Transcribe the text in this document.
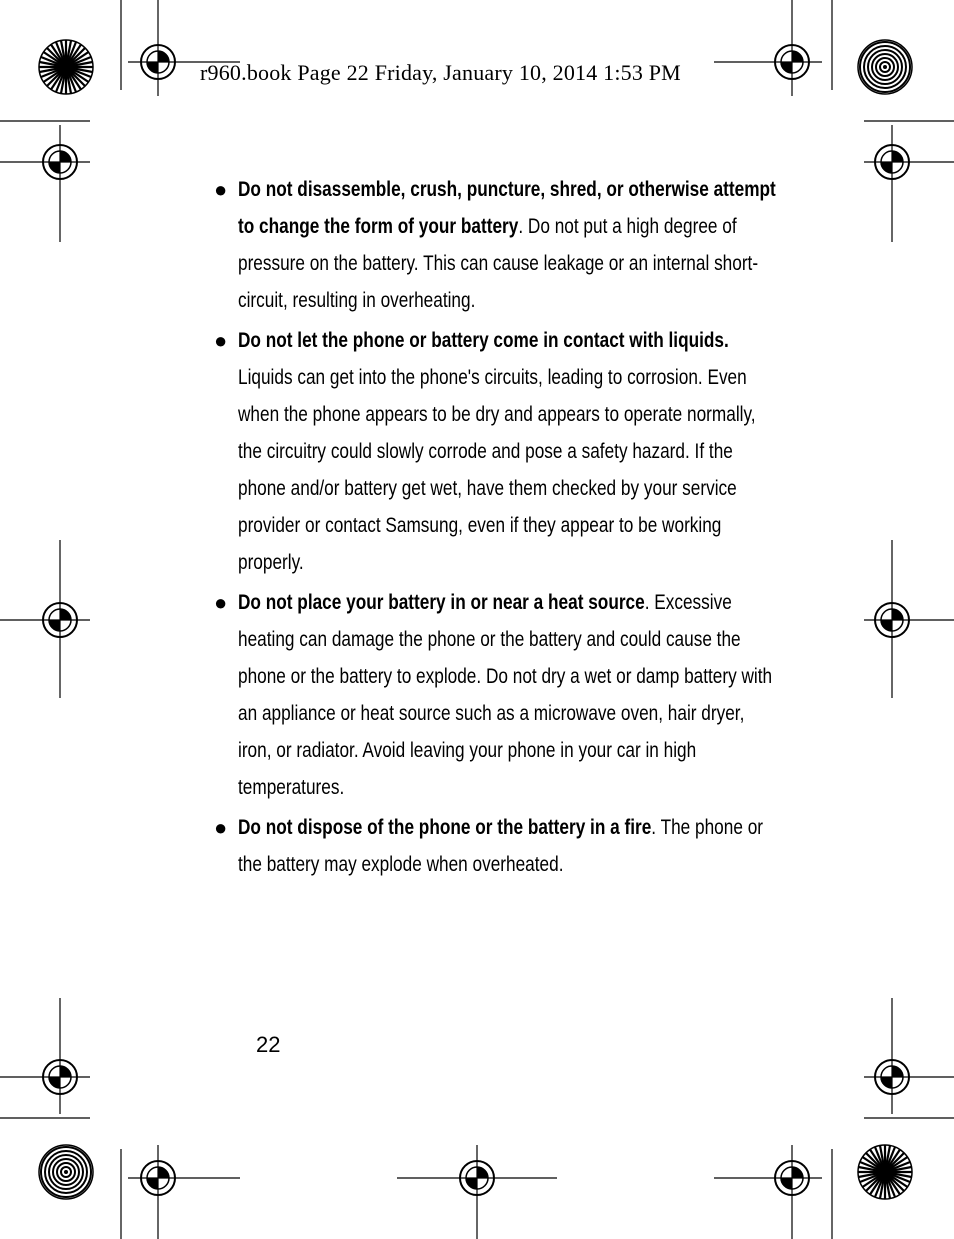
r960.book Page 22 Friday, January 10, 2014 1:53 PM
● Do not disassemble, crush, puncture, shred, or otherwise attempt to change the form of your battery. Do not put a high degree of pressure on the battery. This can cause leakage or an internal short-circuit, resulting in overheating.
● Do not let the phone or battery come in contact with liquids. Liquids can get into the phone's circuits, leading to corrosion. Even when the phone appears to be dry and appears to operate normally, the circuitry could slowly corrode and pose a safety hazard. If the phone and/or battery get wet, have them checked by your service provider or contact Samsung, even if they appear to be working properly.
● Do not place your battery in or near a heat source. Excessive heating can damage the phone or the battery and could cause the phone or the battery to explode. Do not dry a wet or damp battery with an appliance or heat source such as a microwave oven, hair dryer, iron, or radiator. Avoid leaving your phone in your car in high temperatures.
● Do not dispose of the phone or the battery in a fire. The phone or the battery may explode when overheated.
22
